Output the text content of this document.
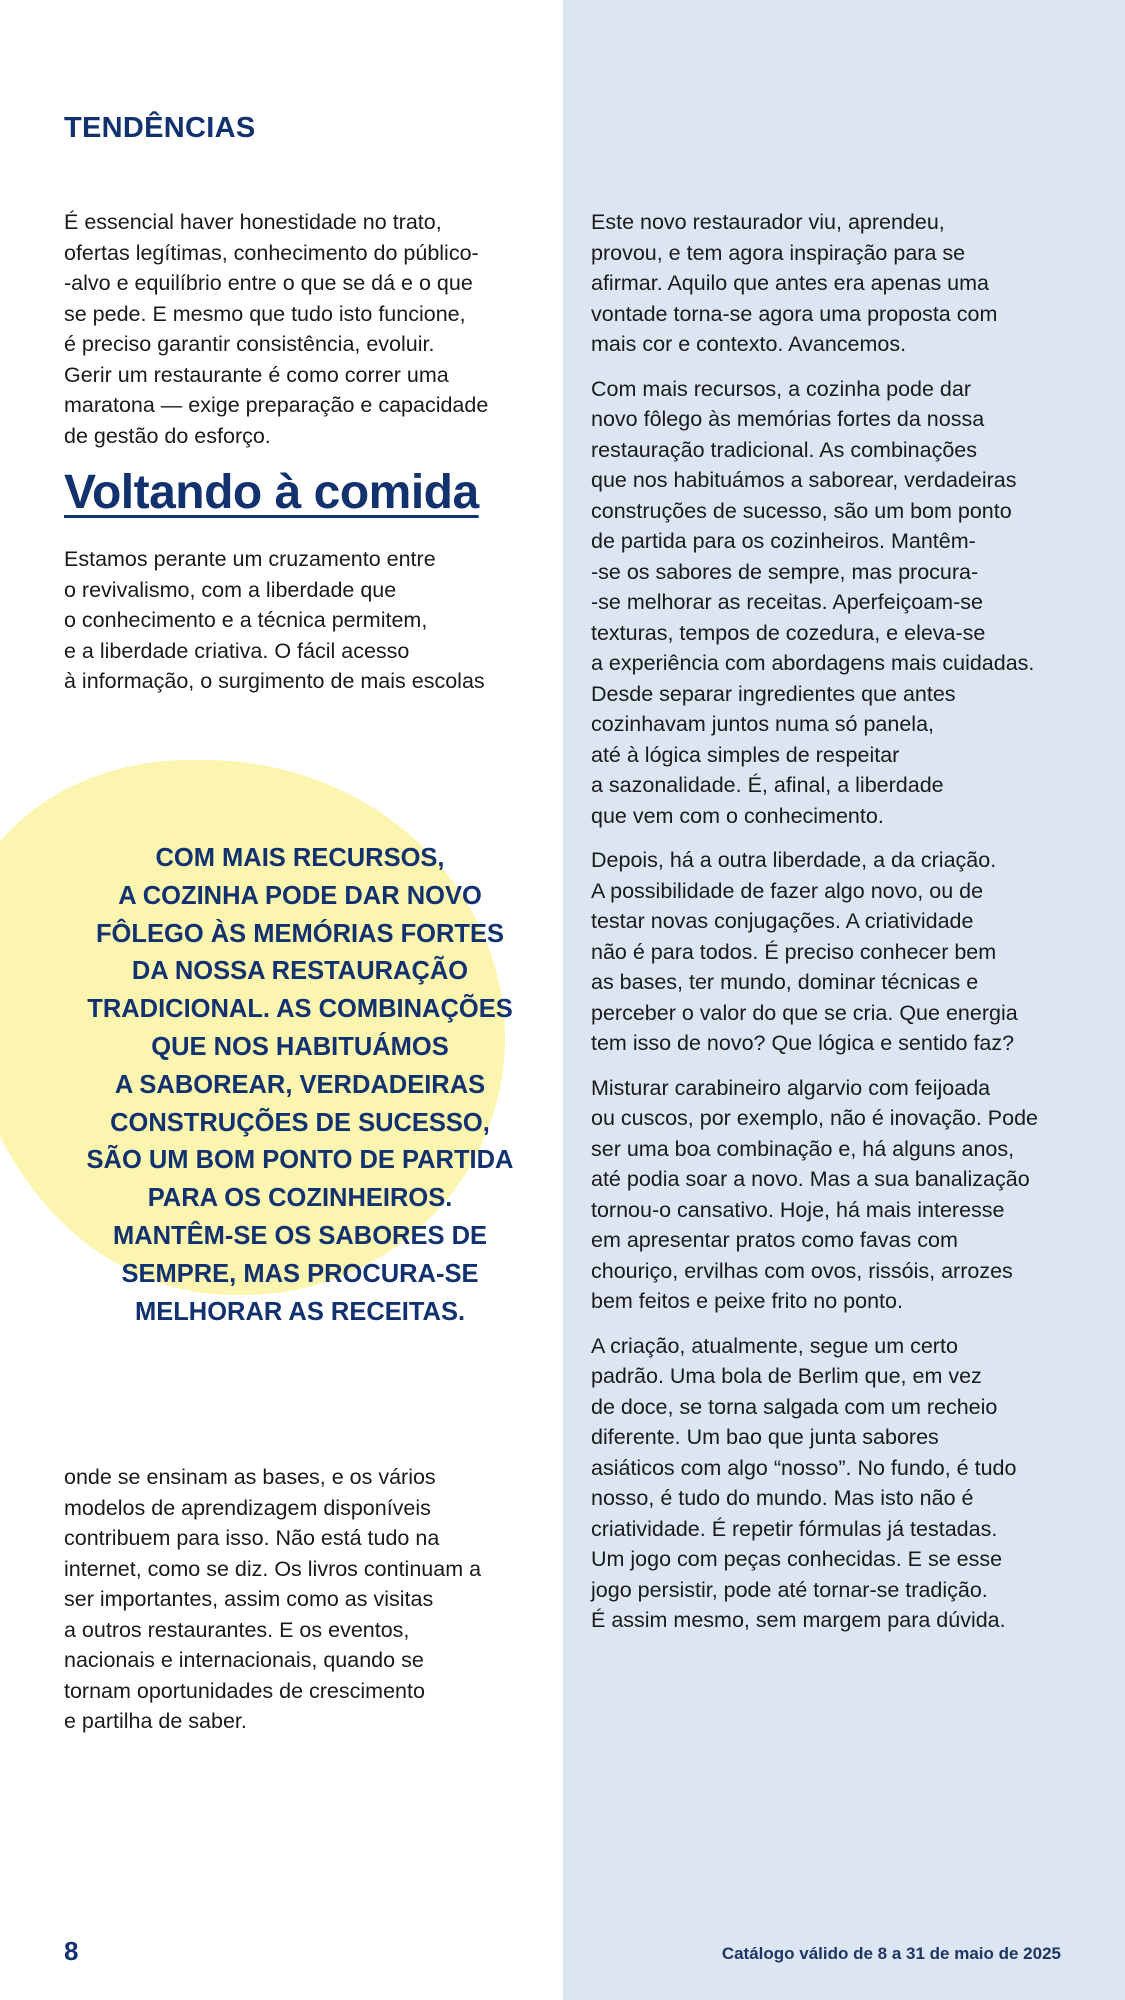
TENDÊNCIAS
É essencial haver honestidade no trato,
ofertas legítimas, conhecimento do público-
-alvo e equilíbrio entre o que se dá e o que
se pede. E mesmo que tudo isto funcione,
é preciso garantir consistência, evoluir.
Gerir um restaurante é como correr uma
maratona — exige preparação e capacidade
de gestão do esforço.
Voltando à comida
Estamos perante um cruzamento entre
o revivalismo, com a liberdade que
o conhecimento e a técnica permitem,
e a liberdade criativa. O fácil acesso
à informação, o surgimento de mais escolas
COM MAIS RECURSOS,
A COZINHA PODE DAR NOVO
FÔLEGO ÀS MEMÓRIAS FORTES
DA NOSSA RESTAURAÇÃO
TRADICIONAL. AS COMBINAÇÕES
QUE NOS HABITUÁMOS
A SABOREAR, VERDADEIRAS
CONSTRUÇÕES DE SUCESSO,
SÃO UM BOM PONTO DE PARTIDA
PARA OS COZINHEIROS.
MANTÊM-SE OS SABORES DE
SEMPRE, MAS PROCURA-SE
MELHORAR AS RECEITAS.
onde se ensinam as bases, e os vários
modelos de aprendizagem disponíveis
contribuem para isso. Não está tudo na
internet, como se diz. Os livros continuam a
ser importantes, assim como as visitas
a outros restaurantes. E os eventos,
nacionais e internacionais, quando se
tornam oportunidades de crescimento
e partilha de saber.

Este novo restaurador viu, aprendeu,
provou, e tem agora inspiração para se
afirmar. Aquilo que antes era apenas uma
vontade torna-se agora uma proposta com
mais cor e contexto. Avancemos.

Com mais recursos, a cozinha pode dar
novo fôlego às memórias fortes da nossa
restauração tradicional. As combinações
que nos habituámos a saborear, verdadeiras
construções de sucesso, são um bom ponto
de partida para os cozinheiros. Mantêm-
-se os sabores de sempre, mas procura-
-se melhorar as receitas. Aperfeiçoam-se
texturas, tempos de cozedura, e eleva-se
a experiência com abordagens mais cuidadas.
Desde separar ingredientes que antes
cozinhavam juntos numa só panela,
até à lógica simples de respeitar
a sazonalidade. É, afinal, a liberdade
que vem com o conhecimento.

Depois, há a outra liberdade, a da criação.
A possibilidade de fazer algo novo, ou de
testar novas conjugações. A criatividade
não é para todos. É preciso conhecer bem
as bases, ter mundo, dominar técnicas e
perceber o valor do que se cria. Que energia
tem isso de novo? Que lógica e sentido faz?

Misturar carabineiro algarvio com feijoada
ou cuscos, por exemplo, não é inovação. Pode
ser uma boa combinação e, há alguns anos,
até podia soar a novo. Mas a sua banalização
tornou-o cansativo. Hoje, há mais interesse
em apresentar pratos como favas com
chouriço, ervilhas com ovos, rissóis, arrozes
bem feitos e peixe frito no ponto.

A criação, atualmente, segue um certo
padrão. Uma bola de Berlim que, em vez
de doce, se torna salgada com um recheio
diferente. Um bao que junta sabores
asiáticos com algo “nosso”. No fundo, é tudo
nosso, é tudo do mundo. Mas isto não é
criatividade. É repetir fórmulas já testadas.
Um jogo com peças conhecidas. E se esse
jogo persistir, pode até tornar-se tradição.
É assim mesmo, sem margem para dúvida.

8	Catálogo válido de 8 a 31 de maio de 2025
